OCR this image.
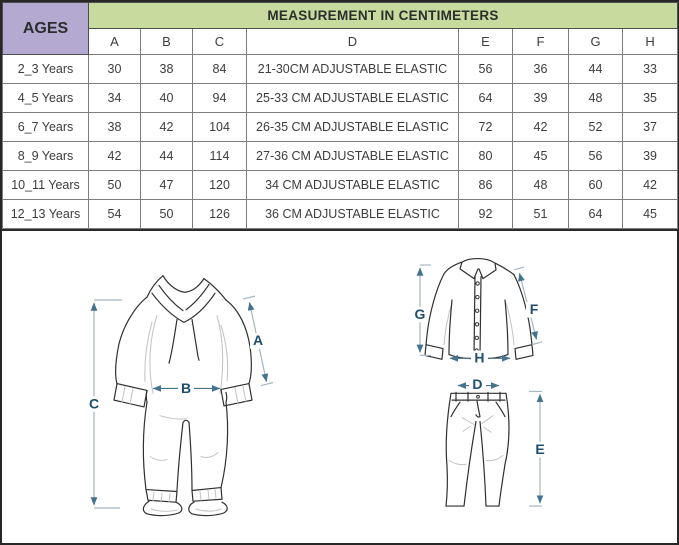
AGES	MEASUREMENT IN CENTIMETERS							
	A	B	C	D	E	F	G	H
2_3 Years	30	38	84	21-30CM ADJUSTABLE ELASTIC	56	36	44	33
4_5 Years	34	40	94	25-33 CM ADJUSTABLE ELASTIC	64	39	48	35
6_7 Years	38	42	104	26-35 CM ADJUSTABLE ELASTIC	72	42	52	37
8_9 Years	42	44	114	27-36 CM ADJUSTABLE ELASTIC	80	45	56	39
10_11 Years	50	47	120	34 CM ADJUSTABLE ELASTIC	86	48	60	42
12_13 Years	54	50	126	36 CM ADJUSTABLE ELASTIC	92	51	64	45
C
B
A
G	F
H
D
E
